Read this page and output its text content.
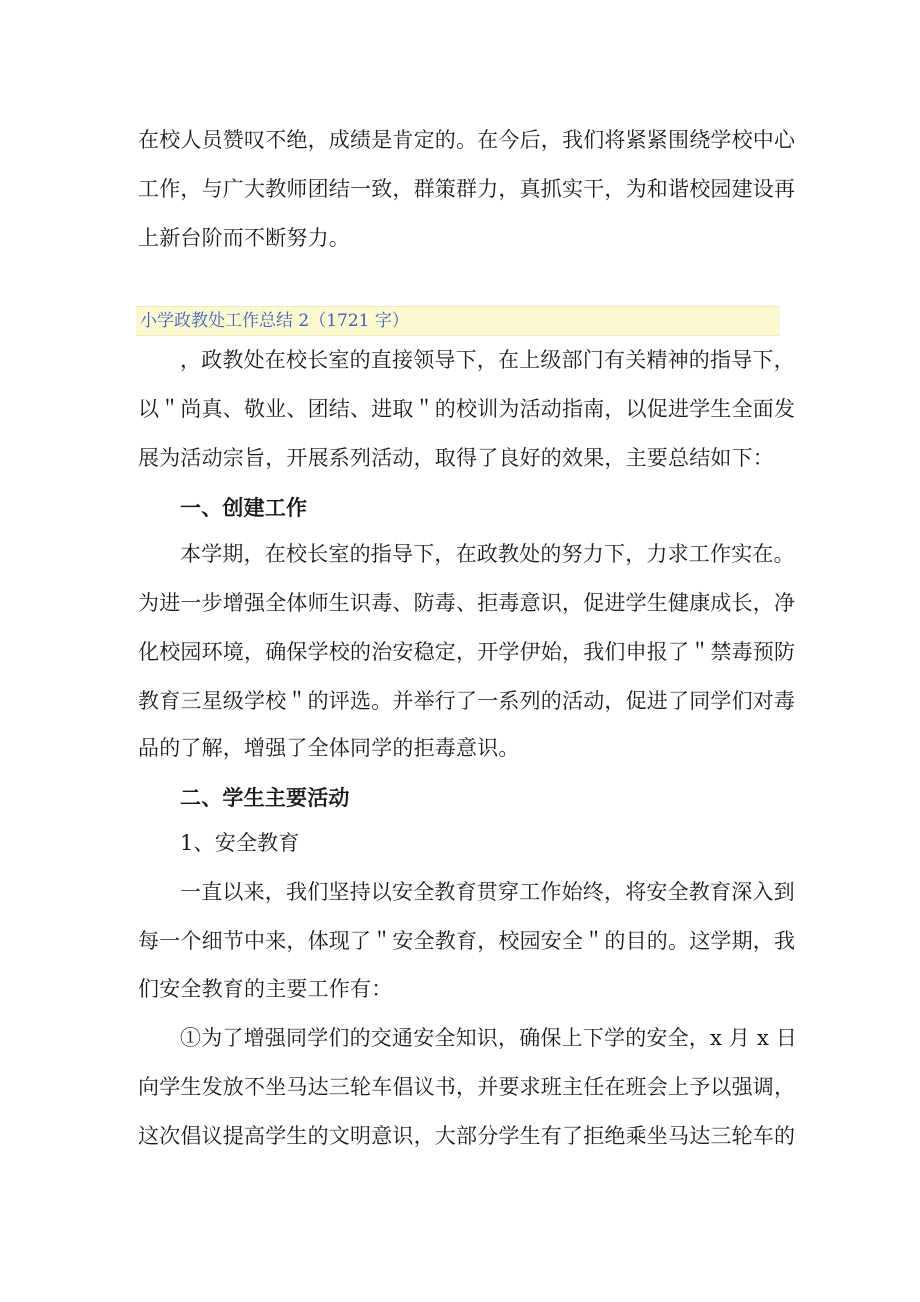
在校人员赞叹不绝，成绩是肯定的。在今后，我们将紧紧围绕学校中心
工作，与广大教师团结一致，群策群力，真抓实干，为和谐校园建设再
上新台阶而不断努力。
小学政教处工作总结 2（1721 字）
，政教处在校长室的直接领导下，在上级部门有关精神的指导下，
以＂尚真、敬业、团结、进取＂的校训为活动指南，以促进学生全面发
展为活动宗旨，开展系列活动，取得了良好的效果，主要总结如下：
一、创建工作
本学期，在校长室的指导下，在政教处的努力下，力求工作实在。
为进一步增强全体师生识毒、防毒、拒毒意识，促进学生健康成长，净
化校园环境，确保学校的治安稳定，开学伊始，我们申报了＂禁毒预防
教育三星级学校＂的评选。并举行了一系列的活动，促进了同学们对毒
品的了解，增强了全体同学的拒毒意识。
二、学生主要活动
1、安全教育
一直以来，我们坚持以安全教育贯穿工作始终，将安全教育深入到
每一个细节中来，体现了＂安全教育，校园安全＂的目的。这学期，我
们安全教育的主要工作有：
①为了增强同学们的交通安全知识，确保上下学的安全，x 月 x 日
向学生发放不坐马达三轮车倡议书，并要求班主任在班会上予以强调，
这次倡议提高学生的文明意识，大部分学生有了拒绝乘坐马达三轮车的
